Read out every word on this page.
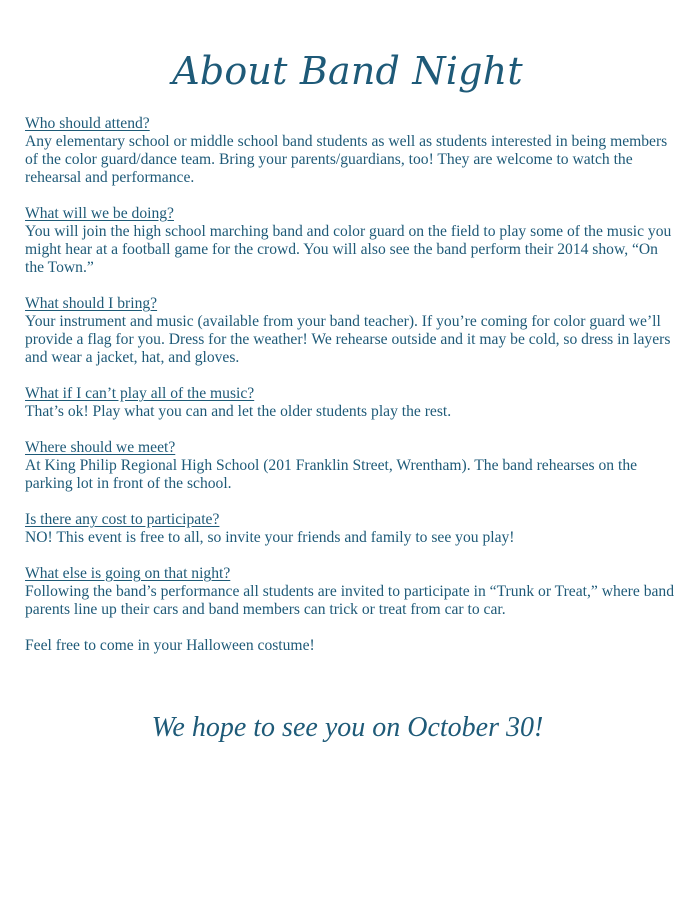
About Band Night
Who should attend?
Any elementary school or middle school band students as well as students interested in being members of the color guard/dance team. Bring your parents/guardians, too! They are welcome to watch the rehearsal and performance.
What will we be doing?
You will join the high school marching band and color guard on the field to play some of the music you might hear at a football game for the crowd. You will also see the band perform their 2014 show, “On the Town.”
What should I bring?
Your instrument and music (available from your band teacher). If you’re coming for color guard we’ll provide a flag for you. Dress for the weather! We rehearse outside and it may be cold, so dress in layers and wear a jacket, hat, and gloves.
What if I can’t play all of the music?
That’s ok! Play what you can and let the older students play the rest.
Where should we meet?
At King Philip Regional High School (201 Franklin Street, Wrentham). The band rehearses on the parking lot in front of the school.
Is there any cost to participate?
NO! This event is free to all, so invite your friends and family to see you play!
What else is going on that night?
Following the band’s performance all students are invited to participate in “Trunk or Treat,” where band parents line up their cars and band members can trick or treat from car to car.
Feel free to come in your Halloween costume!
We hope to see you on October 30!
